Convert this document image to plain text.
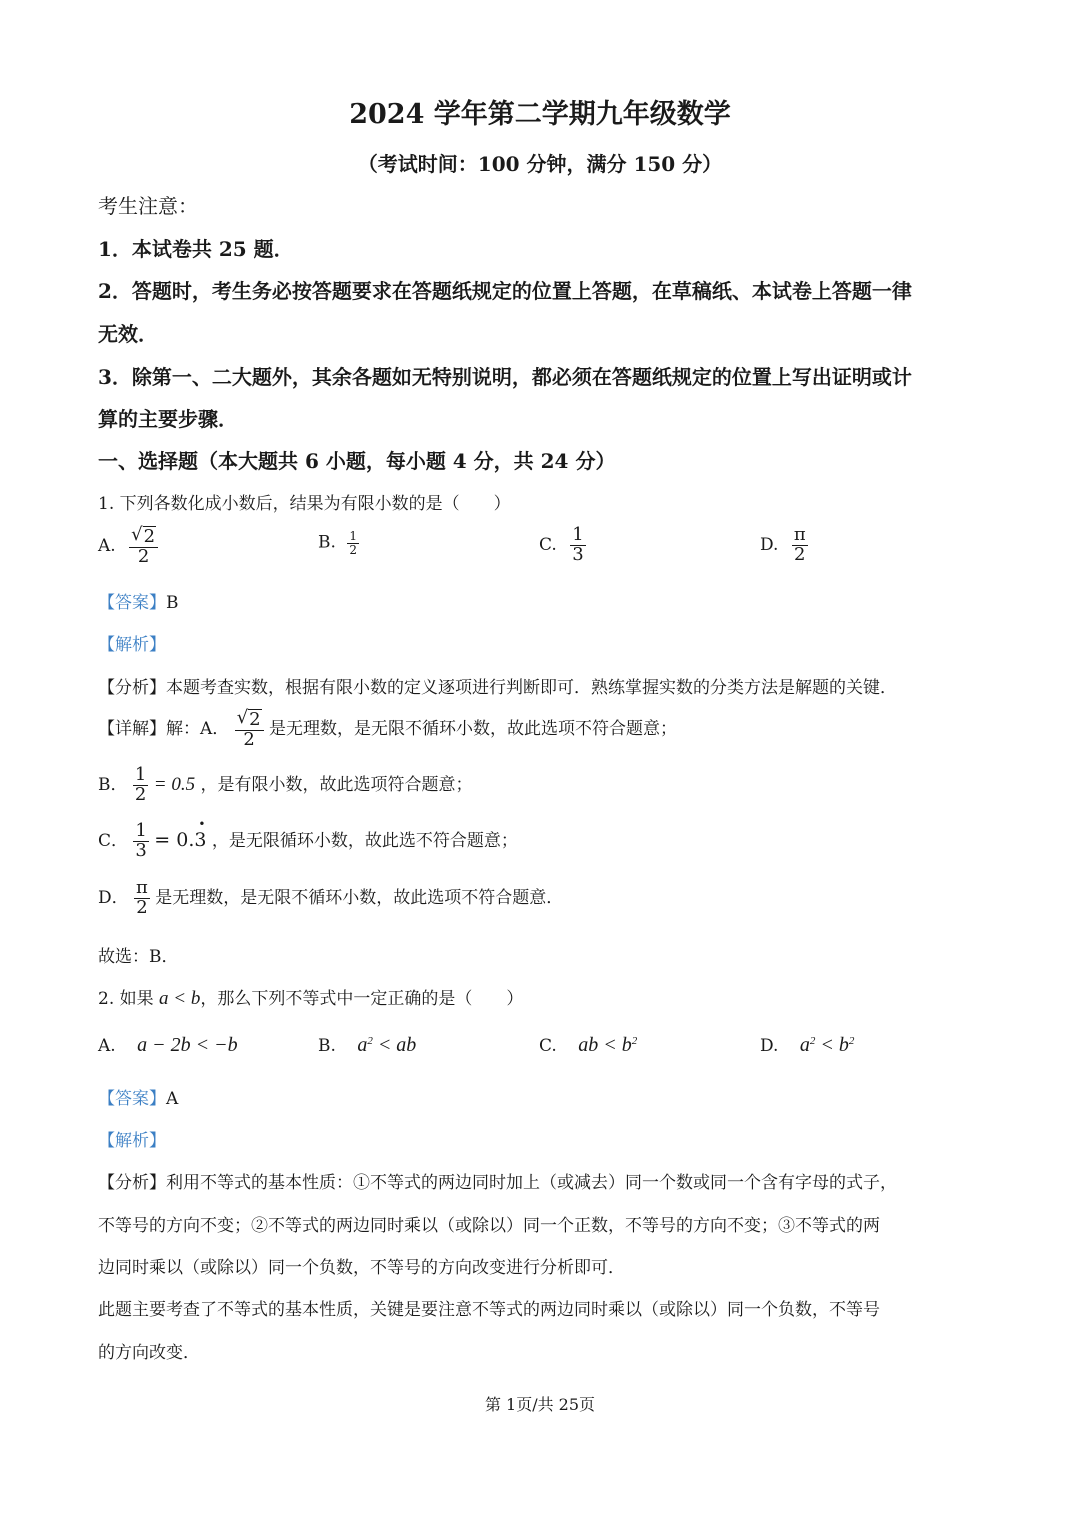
2024 学年第二学期九年级数学
（考试时间：100 分钟，满分 150 分）
考生注意：
1．本试卷共 25 题．
2．答题时，考生务必按答题要求在答题纸规定的位置上答题，在草稿纸、本试卷上答题一律
无效．
3．除第一、二大题外，其余各题如无特别说明，都必须在答题纸规定的位置上写出证明或计
算的主要步骤．
一、选择题（本大题共 6 小题，每小题 4 分，共 24 分）
1. 下列各数化成小数后，结果为有限小数的是（　　）
A. $\frac{√ 2}{2}$	B. $\frac{1}{2}$	C. $\frac{1}{3}$	D. $\frac{\pi}{2}$
【答案】B
【解析】
【分析】本题考查实数，根据有限小数的定义逐项进行判断即可．熟练掌握实数的分类方法是解题的关键．
【详解】解：A． $\frac{√ 2}{2}$ 是无理数，是无限不循环小数，故此选项不符合题意；
B． $\frac{1}{2} = 0.5$ ，是有限小数，故此选项符合题意；
C． $\frac{1}{3}$ = 0.• 3 ，是无限循环小数，故此选不符合题意；
D． $\frac{\pi}{2}$ 是无理数，是无限不循环小数，故此选项不符合题意．
故选：B．
2. 如果 a < b，那么下列不等式中一定正确的是（　　）
A. a − 2b < −b	B. $a^2$ < ab	C. ab < $b^2$	D. $a^2 < b^2$
【答案】A
【解析】
【分析】利用不等式的基本性质：①不等式的两边同时加上（或减去）同一个数或同一个含有字母的式子，
不等号的方向不变；②不等式的两边同时乘以（或除以）同一个正数，不等号的方向不变；③不等式的两
边同时乘以（或除以）同一个负数，不等号的方向改变进行分析即可．
此题主要考查了不等式的基本性质，关键是要注意不等式的两边同时乘以（或除以）同一个负数，不等号
的方向改变．
第 1页/共 25页
